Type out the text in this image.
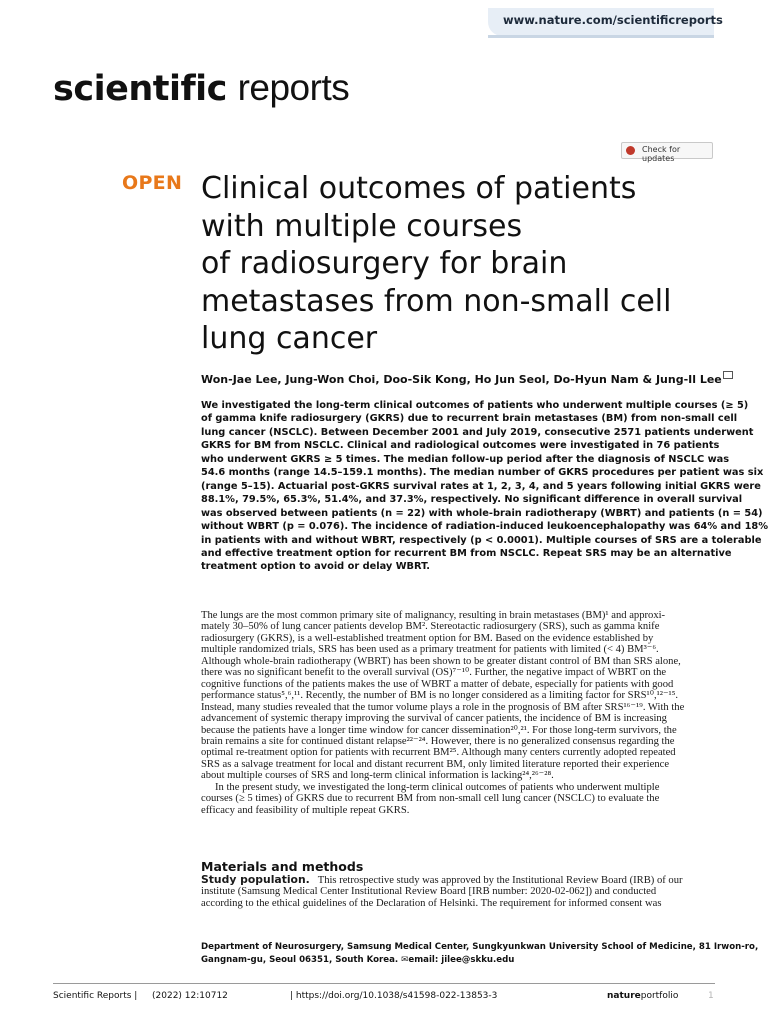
www.nature.com/scientificreports
scientific reports
Check for updates
OPEN Clinical outcomes of patients
with multiple courses
of radiosurgery for brain
metastases from non-small cell
lung cancer
Won-Jae Lee, Jung-Won Choi, Doo-Sik Kong, Ho Jun Seol, Do-Hyun Nam & Jung-Il Lee
We investigated the long-term clinical outcomes of patients who underwent multiple courses (≥ 5)
of gamma knife radiosurgery (GKRS) due to recurrent brain metastases (BM) from non-small cell
lung cancer (NSCLC). Between December 2001 and July 2019, consecutive 2571 patients underwent
GKRS for BM from NSCLC. Clinical and radiological outcomes were investigated in 76 patients
who underwent GKRS ≥ 5 times. The median follow-up period after the diagnosis of NSCLC was
54.6 months (range 14.5–159.1 months). The median number of GKRS procedures per patient was six
(range 5–15). Actuarial post-GKRS survival rates at 1, 2, 3, 4, and 5 years following initial GKRS were
88.1%, 79.5%, 65.3%, 51.4%, and 37.3%, respectively. No significant difference in overall survival
was observed between patients (n = 22) with whole-brain radiotherapy (WBRT) and patients (n = 54)
without WBRT (p = 0.076). The incidence of radiation-induced leukoencephalopathy was 64% and 18%
in patients with and without WBRT, respectively (p < 0.0001). Multiple courses of SRS are a tolerable
and effective treatment option for recurrent BM from NSCLC. Repeat SRS may be an alternative
treatment option to avoid or delay WBRT.
The lungs are the most common primary site of malignancy, resulting in brain metastases (BM)¹ and approxi-
mately 30–50% of lung cancer patients develop BM². Stereotactic radiosurgery (SRS), such as gamma knife
radiosurgery (GKRS), is a well-established treatment option for BM. Based on the evidence established by
multiple randomized trials, SRS has been used as a primary treatment for patients with limited (< 4) BM³⁻⁶.
Although whole-brain radiotherapy (WBRT) has been shown to be greater distant control of BM than SRS alone,
there was no significant benefit to the overall survival (OS)⁷⁻¹⁰. Further, the negative impact of WBRT on the
cognitive functions of the patients makes the use of WBRT a matter of debate, especially for patients with good
performance status⁵,⁶,¹¹. Recently, the number of BM is no longer considered as a limiting factor for SRS¹⁰,¹²⁻¹⁵.
Instead, many studies revealed that the tumor volume plays a role in the prognosis of BM after SRS¹⁶⁻¹⁹. With the
advancement of systemic therapy improving the survival of cancer patients, the incidence of BM is increasing
because the patients have a longer time window for cancer dissemination²⁰,²¹. For those long-term survivors, the
brain remains a site for continued distant relapse²²⁻²⁴. However, there is no generalized consensus regarding the
optimal re-treatment option for patients with recurrent BM²⁵. Although many centers currently adopted repeated
SRS as a salvage treatment for local and distant recurrent BM, only limited literature reported their experience
about multiple courses of SRS and long-term clinical information is lacking²⁴,²⁶⁻²⁸.
In the present study, we investigated the long-term clinical outcomes of patients who underwent multiple
courses (≥ 5 times) of GKRS due to recurrent BM from non-small cell lung cancer (NSCLC) to evaluate the
efficacy and feasibility of multiple repeat GKRS.
Materials and methods
Study population. This retrospective study was approved by the Institutional Review Board (IRB) of our
institute (Samsung Medical Center Institutional Review Board [IRB number: 2020-02-062]) and conducted
according to the ethical guidelines of the Declaration of Helsinki. The requirement for informed consent was
Department of Neurosurgery, Samsung Medical Center, Sungkyunkwan University School of Medicine, 81 Irwon-ro,
Gangnam-gu, Seoul 06351, South Korea. ✉email: jilee@skku.edu
Scientific Reports | (2022) 12:10712	| https://doi.org/10.1038/s41598-022-13853-3	natureportfolio	1
